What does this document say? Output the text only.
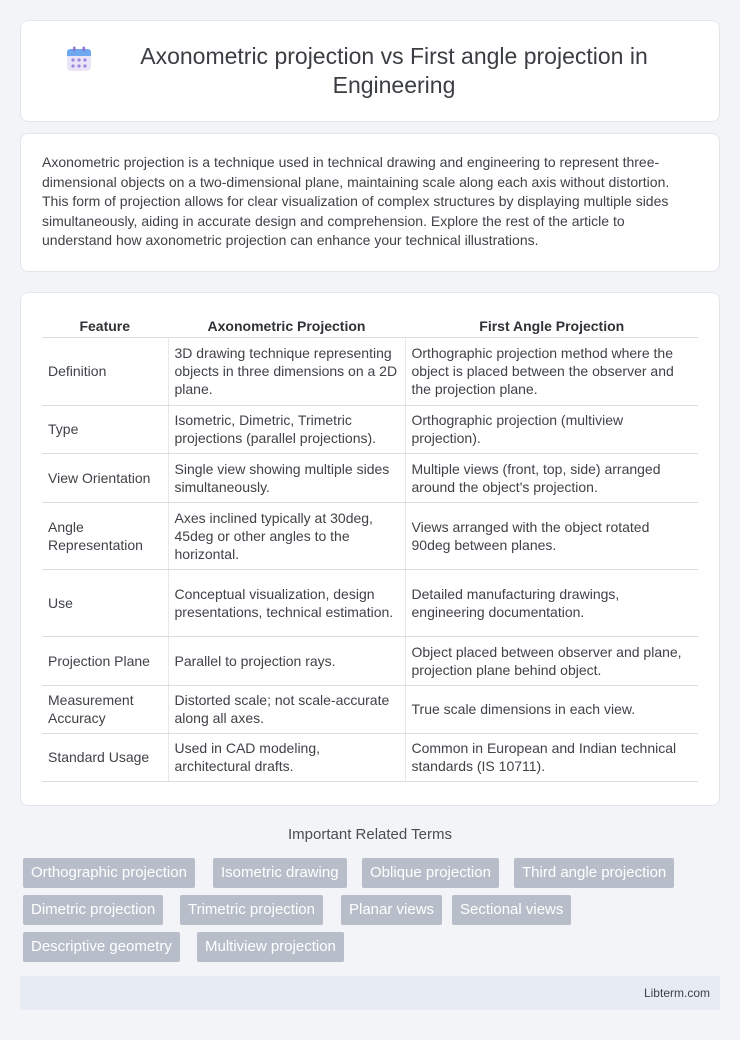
Axonometric projection vs First angle projection in Engineering

Axonometric projection is a technique used in technical drawing and engineering to represent three-dimensional objects on a two-dimensional plane, maintaining scale along each axis without distortion. This form of projection allows for clear visualization of complex structures by displaying multiple sides simultaneously, aiding in accurate design and comprehension. Explore the rest of the article to understand how axonometric projection can enhance your technical illustrations.

Feature	Axonometric Projection	First Angle Projection
Definition	3D drawing technique representing objects in three dimensions on a 2D plane.	Orthographic projection method where the object is placed between the observer and the projection plane.
Type	Isometric, Dimetric, Trimetric projections (parallel projections).	Orthographic projection (multiview projection).
View Orientation	Single view showing multiple sides simultaneously.	Multiple views (front, top, side) arranged around the object's projection.
Angle Representation	Axes inclined typically at 30deg, 45deg or other angles to the horizontal.	Views arranged with the object rotated 90deg between planes.
Use	Conceptual visualization, design presentations, technical estimation.	Detailed manufacturing drawings, engineering documentation.
Projection Plane	Parallel to projection rays.	Object placed between observer and plane, projection plane behind object.
Measurement Accuracy	Distorted scale; not scale-accurate along all axes.	True scale dimensions in each view.
Standard Usage	Used in CAD modeling, architectural drafts.	Common in European and Indian technical standards (IS 10711).
Important Related Terms
Orthographic projection	Isometric drawing	Oblique projection	Third angle projection
Dimetric projection	Trimetric projection	Planar views	Sectional views
Descriptive geometry	Multiview projection
Libterm.com
